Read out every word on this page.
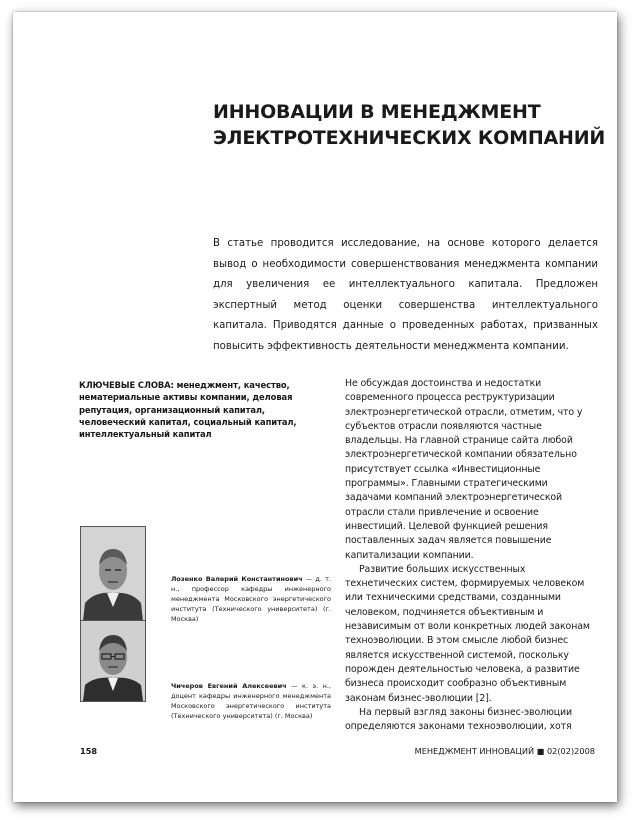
ИННОВАЦИИ В МЕНЕДЖМЕНТ
ЭЛЕКТРОТЕХНИЧЕСКИХ КОМПАНИЙ

В статье проводится исследование, на основе которого делается вывод о необходимости совершенствования менеджмента компании для увеличения ее интеллектуального капитала. Предложен экспертный метод оценки совершенства интеллектуального капитала. Приводятся данные о проведенных работах, призванных повысить эффективность деятельности менеджмента компании.

КЛЮЧЕВЫЕ СЛОВА: менеджмент, качество, нематериальные активы компании, деловая репутация, организационный капитал, человеческий капитал, социальный капитал, интеллектуальный капитал

Лозенко Валерий Константинович — д. т. н., профессор кафедры инженерного менеджмента Московского энергетического института (Технического университета) (г. Москва)

Чичеров Евгений Алексеевич — к. э. н., доцент кафедры инженерного менеджмента Московского энергетического института (Технического университета) (г. Москва)

Не обсуждая достоинства и недостатки современного процесса реструктуризации электроэнергетической отрасли, отметим, что у субъектов отрасли появляются частные владельцы. На главной странице сайта любой электроэнергетической компании обязательно присутствует ссылка «Инвестиционные программы». Главными стратегическими задачами компаний электроэнергетической отрасли стали привлечение и освоение инвестиций. Целевой функцией решения поставленных задач является повышение капитализации компании.

Развитие больших искусственных технетических систем, формируемых человеком или техническими средствами, созданными человеком, подчиняется объективным и независимым от воли конкретных людей законам техноэволюции. В этом смысле любой бизнес является искусственной системой, поскольку порожден деятельностью человека, а развитие бизнеса происходит сообразно объективным законам бизнес-эволюции [2].

На первый взгляд законы бизнес-эволюции определяются законами техноэволюции, хотя

158	МЕНЕДЖМЕНТ ИННОВАЦИЙ ■ 02(02)2008
